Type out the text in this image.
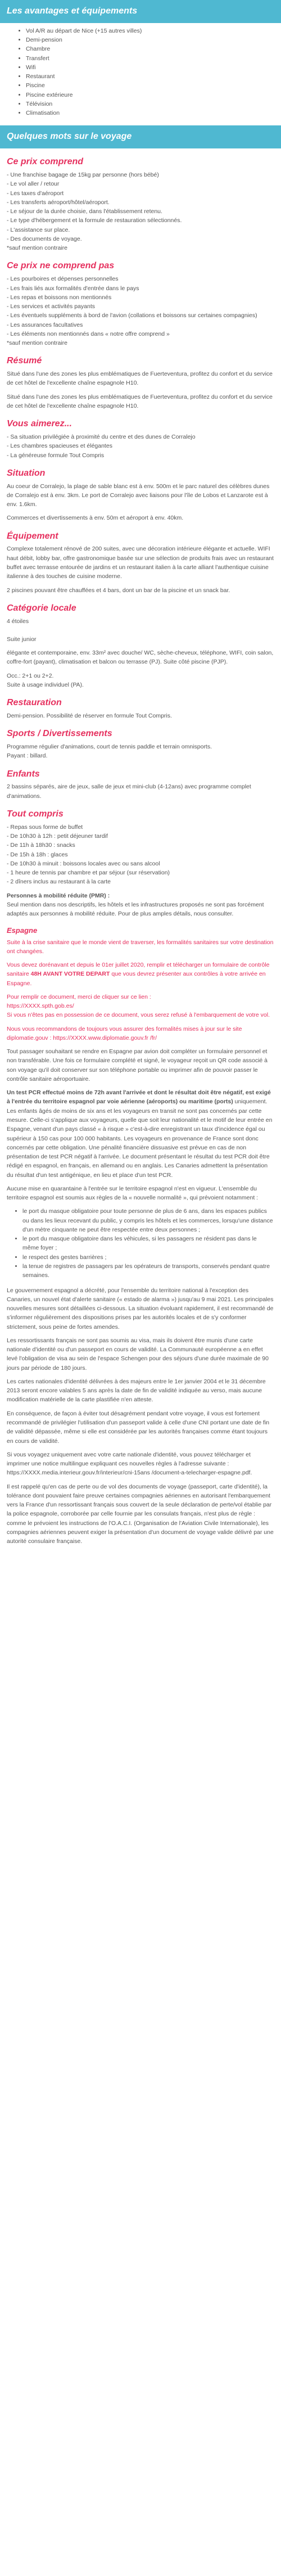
Les avantages et équipements
• Vol A/R au départ de Nice (+15 autres villes)
• Demi-pension
• Chambre
• Transfert
• Wifi
• Restaurant
• Piscine
• Piscine extérieure
• Télévision
• Climatisation
Quelques mots sur le voyage
Ce prix comprend
- Une franchise bagage de 15kg par personne (hors bébé)
- Le vol aller / retour
- Les taxes d'aéroport
- Les transferts aéroport/hôtel/aéroport.
- Le séjour de la durée choisie, dans l'établissement retenu.
- Le type d'hébergement et la formule de restauration sélectionnés.
- L'assistance sur place.
- Des documents de voyage.
*sauf mention contraire
Ce prix ne comprend pas
- Les pourboires et dépenses personnelles
- Les frais liés aux formalités d'entrée dans le pays
- Les repas et boissons non mentionnés
- Les services et activités payants
- Les éventuels suppléments à bord de l'avion (collations et boissons sur certaines compagnies)
- Les assurances facultatives
- Les éléments non mentionnés dans « notre offre comprend »
*sauf mention contraire
Résumé

Situé dans l'une des zones les plus emblématiques de Fuerteventura, profitez du confort et du service de cet hôtel de l'excellente chaîne espagnole H10.

Situé dans l'une des zones les plus emblématiques de Fuerteventura, profitez du confort et du service de cet hôtel de l'excellente chaîne espagnole H10.

Vous aimerez...
- Sa situation privilégiée à proximité du centre et des dunes de Corralejo
- Les chambres spacieuses et élégantes
- La généreuse formule Tout Compris
Situation

Au coeur de Corralejo, la plage de sable blanc est à env. 500m et le parc naturel des célèbres dunes de Corralejo est à env. 3km. Le port de Corralejo avec liaisons pour l'île de Lobos et Lanzarote est à env. 1.6km.

Commerces et divertissements à env. 50m et aéroport à env. 40km.

Équipement

Complexe totalement rénové de 200 suites, avec une décoration intérieure élégante et actuelle. WIFI haut débit, lobby bar, offre gastronomique basée sur une sélection de produits frais avec un restaurant buffet avec terrasse entourée de jardins et un restaurant italien à la carte alliant l'authentique cuisine italienne à des touches de cuisine moderne.

2 piscines pouvant être chauffées et 4 bars, dont un bar de la piscine et un snack bar.

Catégorie locale

4 étoiles

Suite junior

élégante et contemporaine, env. 33m² avec douche/ WC, sèche-cheveux, téléphone, WIFI, coin salon, coffre-fort (payant), climatisation et balcon ou terrasse (PJ). Suite côté piscine (PJP).

Occ.: 2+1 ou 2+2.
Suite à usage individuel (PA).
Restauration

Demi-pension. Possibilité de réserver en formule Tout Compris.

Sports / Divertissements
Programme régulier d'animations, court de tennis paddle et terrain omnisports.
Payant : billard.
Enfants

2 bassins séparés, aire de jeux, salle de jeux et mini-club (4-12ans) avec programme complet d'animations.

Tout compris
- Repas sous forme de buffet
- De 10h30 à 12h : petit déjeuner tardif
- De 11h à 18h30 : snacks
- De 15h à 18h : glaces
- De 10h30 à minuit : boissons locales avec ou sans alcool
- 1 heure de tennis par chambre et par séjour (sur réservation)
- 2 dîners inclus au restaurant à la carte
Personnes à mobilité réduite (PMR) :

Seul mention dans nos descriptifs, les hôtels et les infrastructures proposés ne sont pas forcément adaptés aux personnes à mobilité réduite. Pour de plus amples détails, nous consulter.

Espagne

Suite à la crise sanitaire que le monde vient de traverser, les formalités sanitaires sur votre destination ont changées.

Vous devez dorénavant et depuis le 01er juillet 2020, remplir et télécharger un formulaire de contrôle sanitaire 48H AVANT VOTRE DEPART que vous devrez présenter aux contrôles à votre arrivée en Espagne.

Pour remplir ce document, merci de cliquer sur ce lien :
https://XXXX.spth.gob.es/

Si vous n'êtes pas en possession de ce document, vous serez refusé à l'embarquement de votre vol.

Nous vous recommandons de toujours vous assurer des formalités mises à jour sur le site diplomatie.gouv : https://XXXX.www.diplomatie.gouv.fr /fr/

Tout passager souhaitant se rendre en Espagne par avion doit compléter un formulaire personnel et non transférable. Une fois ce formulaire complété et signé, le voyageur reçoit un QR code associé à son voyage qu'il doit conserver sur son téléphone portable ou imprimer afin de pouvoir passer le contrôle sanitaire aéroportuaire.

Un test PCR effectué moins de 72h avant l'arrivée et dont le résultat doit être négatif, est exigé à l'entrée du territoire espagnol par voie aérienne (aéroports) ou maritime (ports) uniquement. Les enfants âgés de moins de six ans et les voyageurs en transit ne sont pas concernés par cette mesure. Celle-ci s'applique aux voyageurs, quelle que soit leur nationalité et le motif de leur entrée en Espagne, venant d'un pays classé « à risque » c'est-à-dire enregistrant un taux d'incidence égal ou supérieur à 150 cas pour 100 000 habitants. Les voyageurs en provenance de France sont donc concernés par cette obligation. Une pénalité financière dissuasive est prévue en cas de non présentation de test PCR négatif à l'arrivée. Le document présentant le résultat du test PCR doit être rédigé en espagnol, en français, en allemand ou en anglais. Les Canaries admettent la présentation du résultat d'un test antigénique, en lieu et place d'un test PCR.

Aucune mise en quarantaine à l'entrée sur le territoire espagnol n'est en vigueur. L'ensemble du territoire espagnol est soumis aux règles de la « nouvelle normalité », qui prévoient notamment :

• le port du masque obligatoire pour toute personne de plus de 6 ans, dans les espaces publics ou dans les lieux recevant du public, y compris les hôtels et les commerces, lorsqu'une distance d'un mètre cinquante ne peut être respectée entre deux personnes ;
• le port du masque obligatoire dans les véhicules, si les passagers ne résident pas dans le même foyer ;
• le respect des gestes barrières ;
• la tenue de registres de passagers par les opérateurs de transports, conservés pendant quatre semaines.

Le gouvernement espagnol a décrété, pour l'ensemble du territoire national à l'exception des Canaries, un nouvel état d'alerte sanitaire (« estado de alarma ») jusqu'au 9 mai 2021. Les principales nouvelles mesures sont détaillées ci-dessous. La situation évoluant rapidement, il est recommandé de s'informer régulièrement des dispositions prises par les autorités locales et de s'y conformer strictement, sous peine de fortes amendes.

Les ressortissants français ne sont pas soumis au visa, mais ils doivent être munis d'une carte nationale d'identité ou d'un passeport en cours de validité. La Communauté européenne a en effet levé l'obligation de visa au sein de l'espace Schengen pour des séjours d'une durée maximale de 90 jours par période de 180 jours.

Les cartes nationales d'identité délivrées à des majeurs entre le 1er janvier 2004 et le 31 décembre 2013 seront encore valables 5 ans après la date de fin de validité indiquée au verso, mais aucune modification matérielle de la carte plastifiée n'en atteste.

En conséquence, de façon à éviter tout désagrément pendant votre voyage, il vous est fortement recommandé de privilégier l'utilisation d'un passeport valide à celle d'une CNI portant une date de fin de validité dépassée, même si elle est considérée par les autorités françaises comme étant toujours en cours de validité.

Si vous voyagez uniquement avec votre carte nationale d'identité, vous pouvez télécharger et imprimer une notice multilingue expliquant ces nouvelles règles à l'adresse suivante : https://XXXX.media.interieur.gouv.fr/interieur/cni-15ans /document-a-telecharger-espagne.pdf.

Il est rappelé qu'en cas de perte ou de vol des documents de voyage (passeport, carte d'identité), la tolérance dont pouvaient faire preuve certaines compagnies aériennes en autorisant l'embarquement vers la France d'un ressortissant français sous couvert de la seule déclaration de perte/vol établie par la police espagnole, corroborée par celle fournie par les consulats français, n'est plus de règle : comme le prévoient les instructions de l'O.A.C.I. (Organisation de l'Aviation Civile Internationale), les compagnies aériennes peuvent exiger la présentation d'un document de voyage valide délivré par une autorité consulaire française.
